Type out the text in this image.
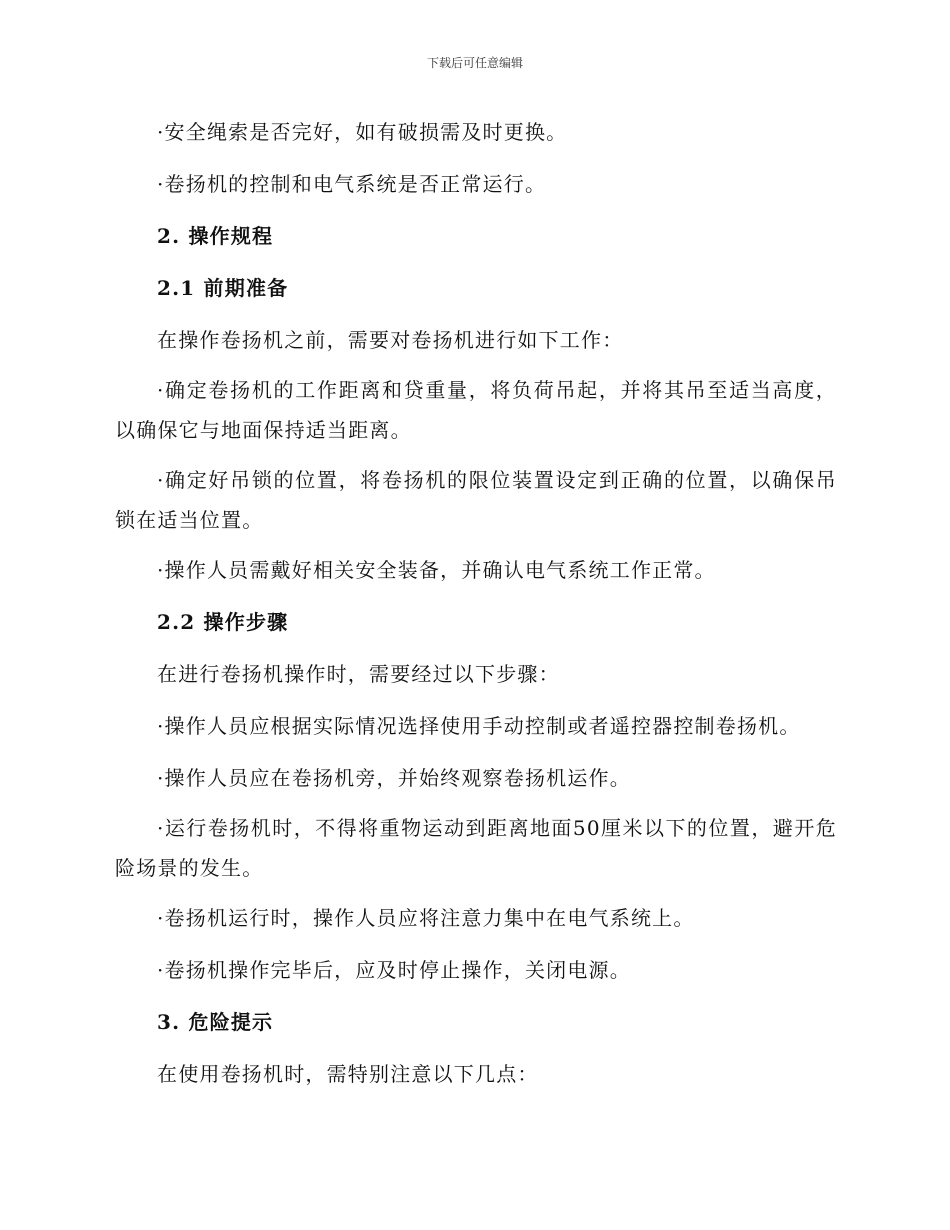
下载后可任意编辑

·安全绳索是否完好，如有破损需及时更换。

·卷扬机的控制和电气系统是否正常运行。

2. 操作规程

2.1 前期准备

在操作卷扬机之前，需要对卷扬机进行如下工作：

·确定卷扬机的工作距离和贷重量，将负荷吊起，并将其吊至适当高度，以确保它与地面保持适当距离。

·确定好吊锁的位置，将卷扬机的限位装置设定到正确的位置，以确保吊锁在适当位置。

·操作人员需戴好相关安全装备，并确认电气系统工作正常。

2.2 操作步骤

在进行卷扬机操作时，需要经过以下步骤：

·操作人员应根据实际情况选择使用手动控制或者遥控器控制卷扬机。

·操作人员应在卷扬机旁，并始终观察卷扬机运作。

·运行卷扬机时，不得将重物运动到距离地面50厘米以下的位置，避开危险场景的发生。

·卷扬机运行时，操作人员应将注意力集中在电气系统上。

·卷扬机操作完毕后，应及时停止操作，关闭电源。

3. 危险提示

在使用卷扬机时，需特别注意以下几点：
